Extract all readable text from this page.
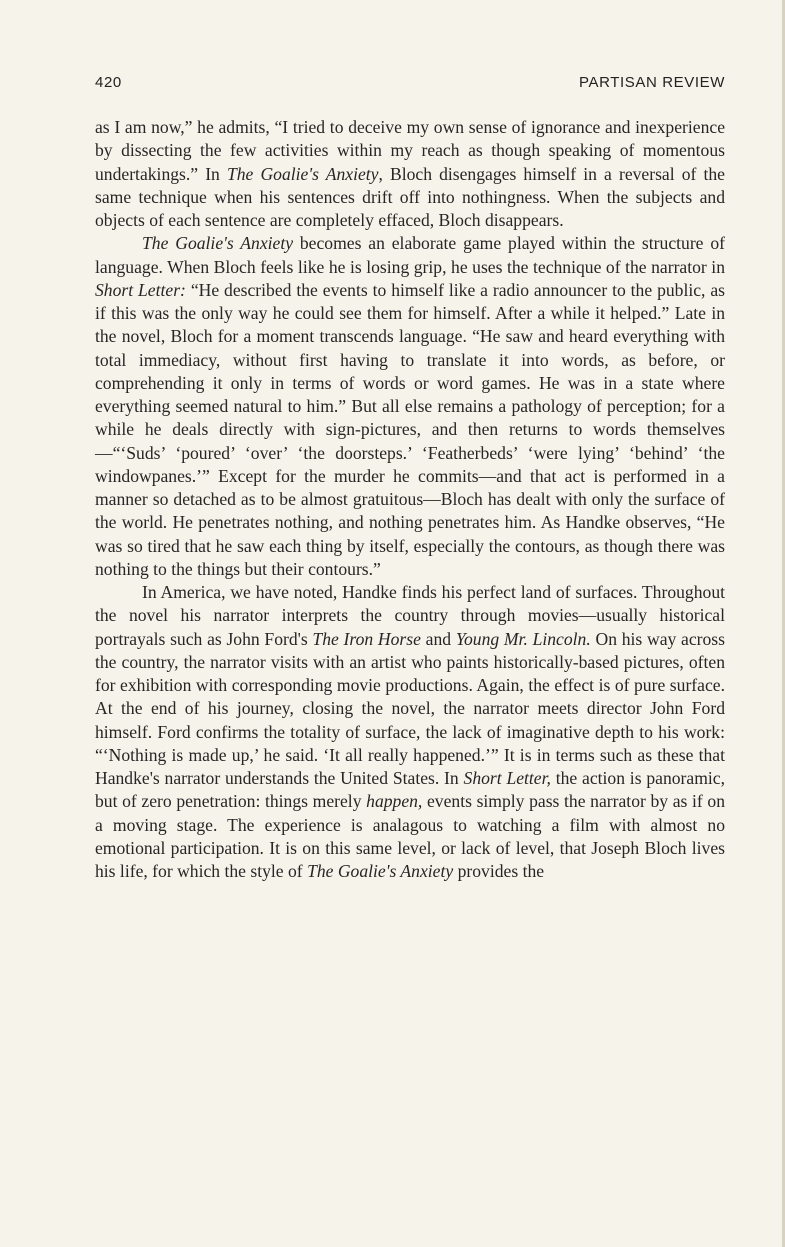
420	PARTISAN REVIEW

as I am now,” he admits, “I tried to deceive my own sense of ignorance and inexperience by dissecting the few activities within my reach as though speaking of momentous undertakings.” In The Goalie's Anxiety, Bloch disengages himself in a reversal of the same technique when his sentences drift off into nothingness. When the subjects and objects of each sentence are completely effaced, Bloch disappears.

The Goalie's Anxiety becomes an elaborate game played within the structure of language. When Bloch feels like he is losing grip, he uses the technique of the narrator in Short Letter: “He described the events to himself like a radio announcer to the public, as if this was the only way he could see them for himself. After a while it helped.” Late in the novel, Bloch for a moment transcends language. “He saw and heard everything with total immediacy, without first having to translate it into words, as before, or comprehending it only in terms of words or word games. He was in a state where everything seemed natural to him.” But all else remains a pathology of perception; for a while he deals directly with sign-pictures, and then returns to words themselves—“‘Suds’ ‘poured’ ‘over’ ‘the doorsteps.’ ‘Featherbeds’ ‘were lying’ ‘behind’ ‘the windowpanes.’” Except for the murder he commits—and that act is performed in a manner so detached as to be almost gratuitous—Bloch has dealt with only the surface of the world. He penetrates nothing, and nothing penetrates him. As Handke observes, “He was so tired that he saw each thing by itself, especially the contours, as though there was nothing to the things but their contours.”

In America, we have noted, Handke finds his perfect land of surfaces. Throughout the novel his narrator interprets the country through movies—usually historical portrayals such as John Ford's The Iron Horse and Young Mr. Lincoln. On his way across the country, the narrator visits with an artist who paints historically-based pictures, often for exhibition with corresponding movie productions. Again, the effect is of pure surface. At the end of his journey, closing the novel, the narrator meets director John Ford himself. Ford confirms the totality of surface, the lack of imaginative depth to his work: “‘Nothing is made up,’ he said. ‘It all really happened.’” It is in terms such as these that Handke's narrator understands the United States. In Short Letter, the action is panoramic, but of zero penetration: things merely happen, events simply pass the narrator by as if on a moving stage. The experience is analagous to watching a film with almost no emotional participation. It is on this same level, or lack of level, that Joseph Bloch lives his life, for which the style of The Goalie's Anxiety provides the
